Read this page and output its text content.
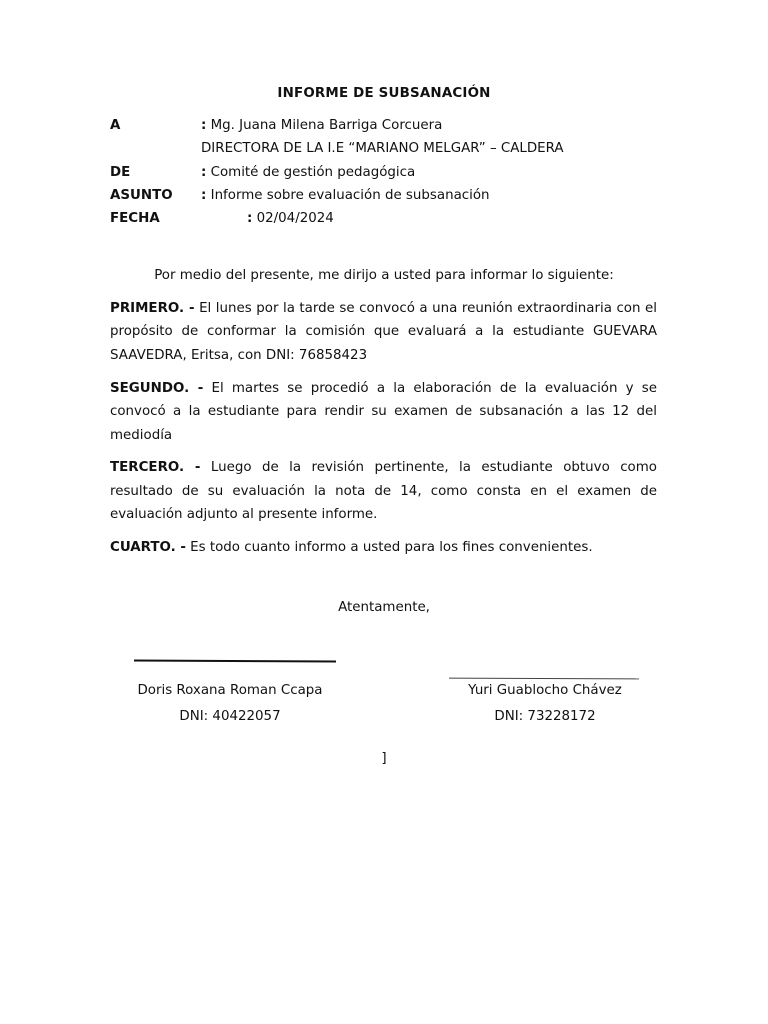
INFORME DE SUBSANACIÓN
A	: Mg. Juana Milena Barriga Corcuera
DIRECTORA DE LA I.E “MARIANO MELGAR” – CALDERA
DE	: Comité de gestión pedagógica
ASUNTO : Informe sobre evaluación de subsanación
FECHA	: 02/04/2024
Por medio del presente, me dirijo a usted para informar lo siguiente:

PRIMERO. - El lunes por la tarde se convocó a una reunión extraordinaria con el propósito de conformar la comisión que evaluará a la estudiante GUEVARA SAAVEDRA, Eritsa, con DNI: 76858423

SEGUNDO. - El martes se procedió a la elaboración de la evaluación y se convocó a la estudiante para rendir su examen de subsanación a las 12 del mediodía

TERCERO. - Luego de la revisión pertinente, la estudiante obtuvo como resultado de su evaluación la nota de 14, como consta en el examen de evaluación adjunto al presente informe.

CUARTO. - Es todo cuanto informo a usted para los fines convenientes.

Atentamente,
Doris Roxana Roman Ccapa
DNI: 40422057
Yuri Guablocho Chávez
DNI: 73228172
]
